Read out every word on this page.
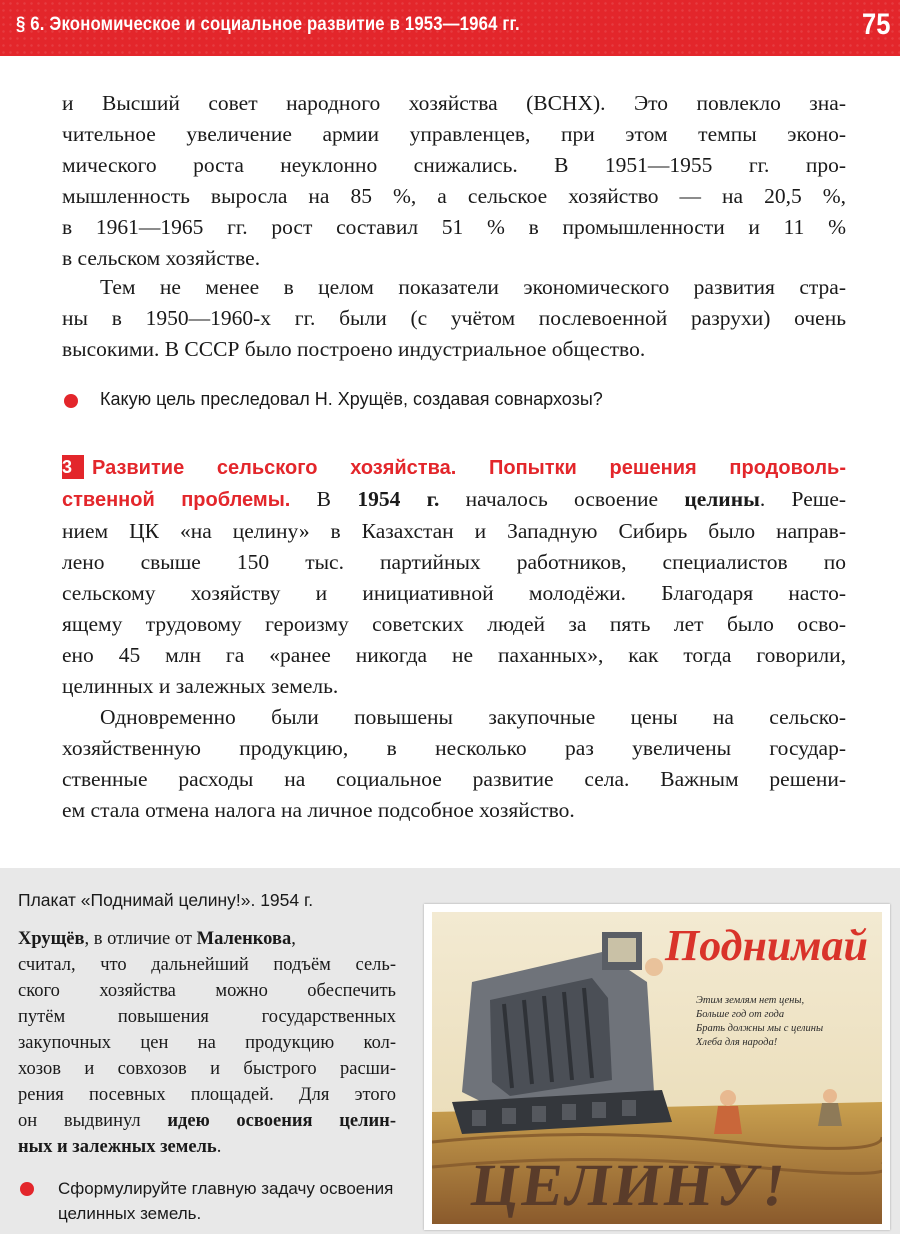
§ 6. Экономическое и социальное развитие в 1953—1964 гг.	75
и Высший совет народного хозяйства (ВСНХ). Это повлекло зна-
чительное увеличение армии управленцев, при этом темпы эконо-
мического роста неуклонно снижались. В 1951—1955 гг. про-
мышленность выросла на 85 %, а сельское хозяйство — на 20,5 %,
в 1961—1965 гг. рост составил 51 % в промышленности и 11 %
в сельском хозяйстве.
Тем не менее в целом показатели экономического развития стра-
ны в 1950—1960-х гг. были (с учётом послевоенной разрухи) очень
высокими. В СССР было построено индустриальное общество.
Какую цель преследовал Н. Хрущёв, создавая совнархозы?
3 Развитие сельского хозяйства. Попытки решения продоволь-
ственной проблемы. В 1954 г. началось освоение целины. Реше-
нием ЦК «на целину» в Казахстан и Западную Сибирь было направ-
лено свыше 150 тыс. партийных работников, специалистов по
сельскому хозяйству и инициативной молодёжи. Благодаря насто-
ящему трудовому героизму советских людей за пять лет было осво-
ено 45 млн га «ранее никогда не паханных», как тогда говорили,
целинных и залежных земель.
Одновременно были повышены закупочные цены на сельско-
хозяйственную продукцию, в несколько раз увеличены государ-
ственные расходы на социальное развитие села. Важным решени-
ем стала отмена налога на личное подсобное хозяйство.
Плакат «Поднимай целину!». 1954 г.
Хрущёв, в отличие от Маленкова,
считал, что дальнейший подъём сель-
ского хозяйства можно обеспечить
путём повышения государственных
закупочных цен на продукцию кол-
хозов и совхозов и быстрого расши-
рения посевных площадей. Для этого
он выдвинул идею освоения целин-
ных и залежных земель.
Сформулируйте главную задачу освоения целинных земель.
Поднимай
Этим землям нет цены,
Больше год от года
Брать должны мы с целины
Хлеба для народа!
ЦЕЛИНУ!
